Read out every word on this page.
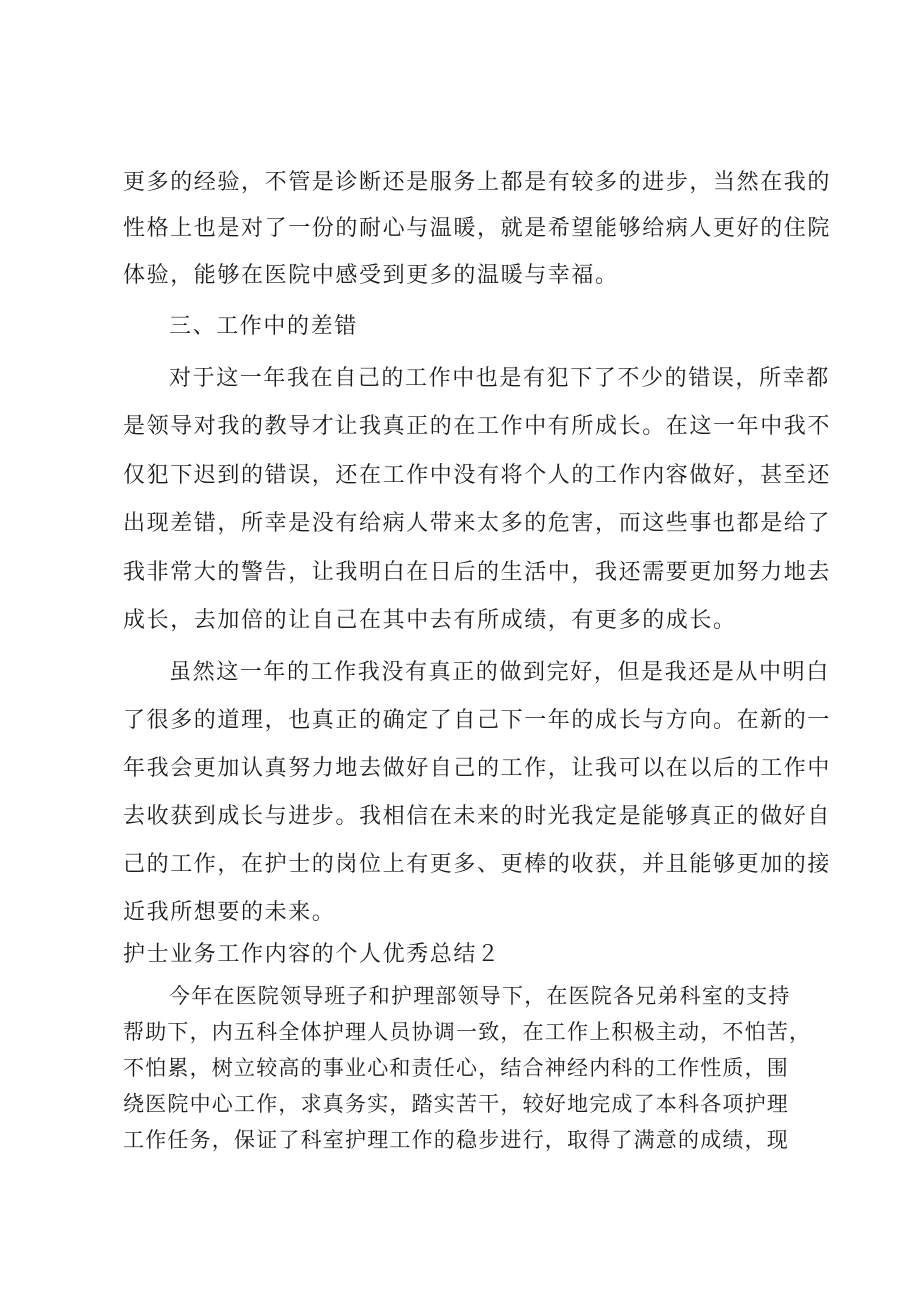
更多的经验，不管是诊断还是服务上都是有较多的进步，当然在我的
性格上也是对了一份的耐心与温暖，就是希望能够给病人更好的住院
体验，能够在医院中感受到更多的温暖与幸福。
三、工作中的差错
对于这一年我在自己的工作中也是有犯下了不少的错误，所幸都
是领导对我的教导才让我真正的在工作中有所成长。在这一年中我不
仅犯下迟到的错误，还在工作中没有将个人的工作内容做好，甚至还
出现差错，所幸是没有给病人带来太多的危害，而这些事也都是给了
我非常大的警告，让我明白在日后的生活中，我还需要更加努力地去
成长，去加倍的让自己在其中去有所成绩，有更多的成长。
虽然这一年的工作我没有真正的做到完好，但是我还是从中明白
了很多的道理，也真正的确定了自己下一年的成长与方向。在新的一
年我会更加认真努力地去做好自己的工作，让我可以在以后的工作中
去收获到成长与进步。我相信在未来的时光我定是能够真正的做好自
己的工作，在护士的岗位上有更多、更棒的收获，并且能够更加的接
近我所想要的未来。
护士业务工作内容的个人优秀总结２
今年在医院领导班子和护理部领导下，在医院各兄弟科室的支持
帮助下，内五科全体护理人员协调一致，在工作上积极主动，不怕苦，
不怕累，树立较高的事业心和责任心，结合神经内科的工作性质，围
绕医院中心工作，求真务实，踏实苦干，较好地完成了本科各项护理
工作任务，保证了科室护理工作的稳步进行，取得了满意的成绩，现
